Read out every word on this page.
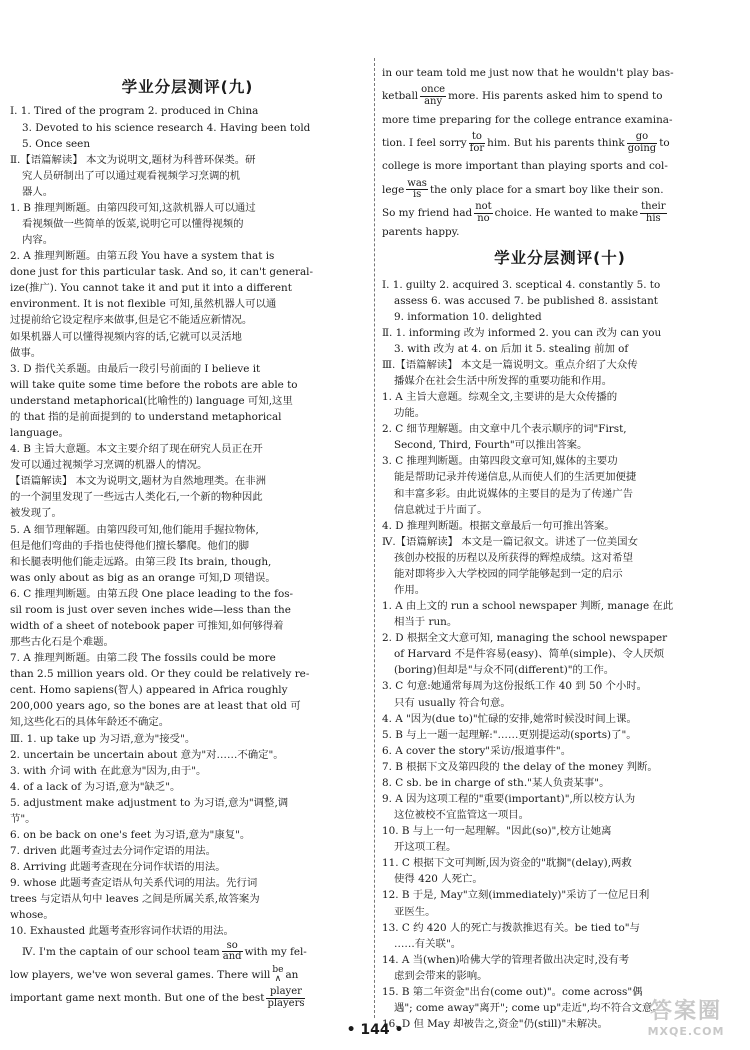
学业分层测评(九)

Ⅰ. 1. Tired of the program 2. produced in China

3. Devoted to his science research 4. Having been told

5. Once seen

Ⅱ.【语篇解读】 本文为说明文,题材为科普环保类。研

究人员研制出了可以通过观看视频学习烹调的机

器人。

1. B 推理判断题。由第四段可知,这款机器人可以通过

看视频做一些简单的饭菜,说明它可以懂得视频的

内容。

2. A 推理判断题。由第五段 You have a system that is

done just for this particular task. And so, it can't general-

ize(推广). You cannot take it and put it into a different

environment. It is not flexible 可知,虽然机器人可以通

过提前给它设定程序来做事,但是它不能适应新情况。

如果机器人可以懂得视频内容的话,它就可以灵活地

做事。

3. D 指代关系题。由最后一段引号前面的 I believe it

will take quite some time before the robots are able to

understand metaphorical(比喻性的) language 可知,这里

的 that 指的是前面提到的 to understand metaphorical

language。

4. B 主旨大意题。本文主要介绍了现在研究人员正在开

发可以通过视频学习烹调的机器人的情况。

【语篇解读】 本文为说明文,题材为自然地理类。在非洲

的一个洞里发现了一些远古人类化石,一个新的物种因此

被发现了。

5. A 细节理解题。由第四段可知,他们能用手握拉物体,

但是他们弯曲的手指也使得他们擅长攀爬。他们的脚

和长腿表明他们能走远路。由第三段 Its brain, though,

was only about as big as an orange 可知,D 项错误。

6. C 推理判断题。由第五段 One place leading to the fos-

sil room is just over seven inches wide—less than the

width of a sheet of notebook paper 可推知,如何够得着

那些古化石是个难题。

7. A 推理判断题。由第二段 The fossils could be more

than 2.5 million years old. Or they could be relatively re-

cent. Homo sapiens(智人) appeared in Africa roughly

200,000 years ago, so the bones are at least that old 可

知,这些化石的具体年龄还不确定。

Ⅲ. 1. up take up 为习语,意为"接受"。

2. uncertain be uncertain about 意为"对……不确定"。

3. with 介词 with 在此意为"因为,由于"。

4. of a lack of 为习语,意为"缺乏"。

5. adjustment make adjustment to 为习语,意为"调整,调

节"。

6. on be back on one's feet 为习语,意为"康复"。

7. driven 此题考查过去分词作定语的用法。

8. Arriving 此题考查现在分词作状语的用法。

9. whose 此题考查定语从句关系代词的用法。先行词

trees 与定语从句中 leaves 之间是所属关系,故答案为

whose。

10. Exhausted 此题考查形容词作状语的用法。

Ⅳ. I'm the captain of our school team $\frac{so}{\text{and}}$ with my fel-

low players, we've won several games. There will be
∧ an

important game next month. But one of the best $\frac{\text{player}}{\text{players}}$

in our team told me just now that he wouldn't play bas-

ketball $\frac{\text{once}}{\text{any}}$ more. His parents asked him to spend to

more time preparing for the college entrance examina-

tion. I feel sorry $\frac{to}{\text{for}}$ him. But his parents think $\frac{go}{\text{going}}$ to

college is more important than playing sports and col-

lege $\frac{\text{was}}{is}$ the only place for a smart boy like their son.

So my friend had $\frac{\text{not}}{no}$ choice. He wanted to make $\frac{\text{their}}{\text{his}}$

parents happy.

学业分层测评(十)

Ⅰ. 1. guilty 2. acquired 3. sceptical 4. constantly 5. to

assess 6. was accused 7. be published 8. assistant

9. information 10. delighted

Ⅱ. 1. informing 改为 informed 2. you can 改为 can you

3. with 改为 at 4. on 后加 it 5. stealing 前加 of

Ⅲ.【语篇解读】 本文是一篇说明文。重点介绍了大众传

播媒介在社会生活中所发挥的重要功能和作用。

1. A 主旨大意题。综观全文,主要讲的是大众传播的

功能。

2. C 细节理解题。由文章中几个表示顺序的词"First,

Second, Third, Fourth"可以推出答案。

3. C 推理判断题。由第四段文章可知,媒体的主要功

能是帮助记录并传递信息,从而使人们的生活更加便捷

和丰富多彩。由此说媒体的主要目的是为了传递广告

信息就过于片面了。

4. D 推理判断题。根据文章最后一句可推出答案。

Ⅳ.【语篇解读】 本文是一篇记叙文。讲述了一位美国女

孩创办校报的历程以及所获得的辉煌成绩。这对希望

能对即将步入大学校园的同学能够起到一定的启示

作用。

1. A 由上文的 run a school newspaper 判断, manage 在此

相当于 run。

2. D 根据全文大意可知, managing the school newspaper

of Harvard 不是件容易(easy)、简单(simple)、令人厌烦

(boring)但却是"与众不同(different)"的工作。

3. C 句意:她通常每周为这份报纸工作 40 到 50 个小时。

只有 usually 符合句意。

4. A "因为(due to)"忙碌的安排,她常时候没时间上课。

5. B 与上一题一起理解:"……更别提运动(sports)了"。

6. A cover the story"采访/报道事件"。

7. B 根据下文及第四段的 the delay of the money 判断。

8. C sb. be in charge of sth."某人负责某事"。

9. A 因为这项工程的"重要(important)",所以校方认为

这位被校不宜监管这一项目。

10. B 与上一句一起理解。"因此(so)",校方让她离

开这项工程。

11. C 根据下文可判断,因为资金的"耽搁"(delay),两救

使得 420 人死亡。

12. B 于是, May"立刻(immediately)"采访了一位尼日利

亚医生。

13. C 约 420 人的死亡与拨款推迟有关。be tied to"与

……有关联"。

14. A 当(when)哈佛大学的管理者做出决定时,没有考

虑到会带来的影响。

15. B 第二年资金"出台(come out)"。come across"偶

遇"; come away"离开"; come up"走近",均不符合文意。

16. D 但 May 却被告之,资金"仍(still)"未解决。

• 144 •
答案圈
MXQE.COM
